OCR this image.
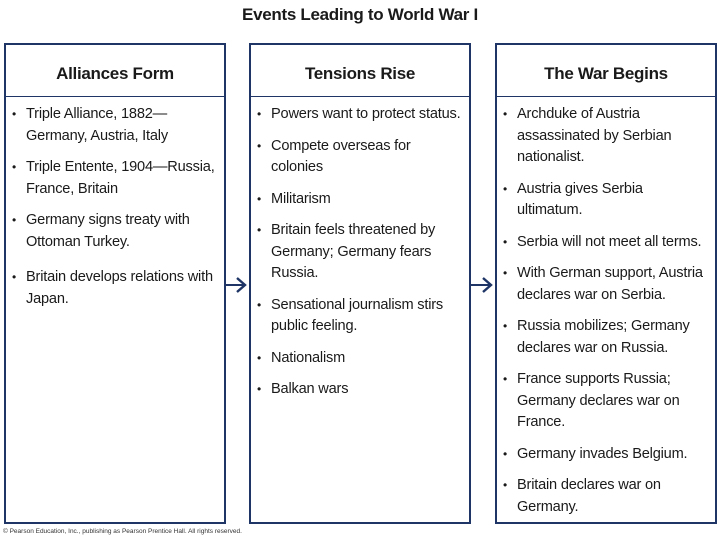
Events Leading to World War I
Alliances Form
• Triple Alliance, 1882—Germany, Austria, Italy
• Triple Entente, 1904—Russia, France, Britain
• Germany signs treaty with Ottoman Turkey.
• Britain develops relations with Japan.
Tensions Rise
• Powers want to protect status.
• Compete overseas for colonies
• Militarism
• Britain feels threatened by Germany; Germany fears Russia.
• Sensational journalism stirs public feeling.
• Nationalism
• Balkan wars
The War Begins
• Archduke of Austria assassinated by Serbian nationalist.
• Austria gives Serbia ultimatum.
• Serbia will not meet all terms.
• With German support, Austria declares war on Serbia.
• Russia mobilizes; Germany declares war on Russia.
• France supports Russia; Germany declares war on France.
• Germany invades Belgium.
• Britain declares war on Germany.
© Pearson Education, Inc., publishing as Pearson Prentice Hall. All rights reserved.
